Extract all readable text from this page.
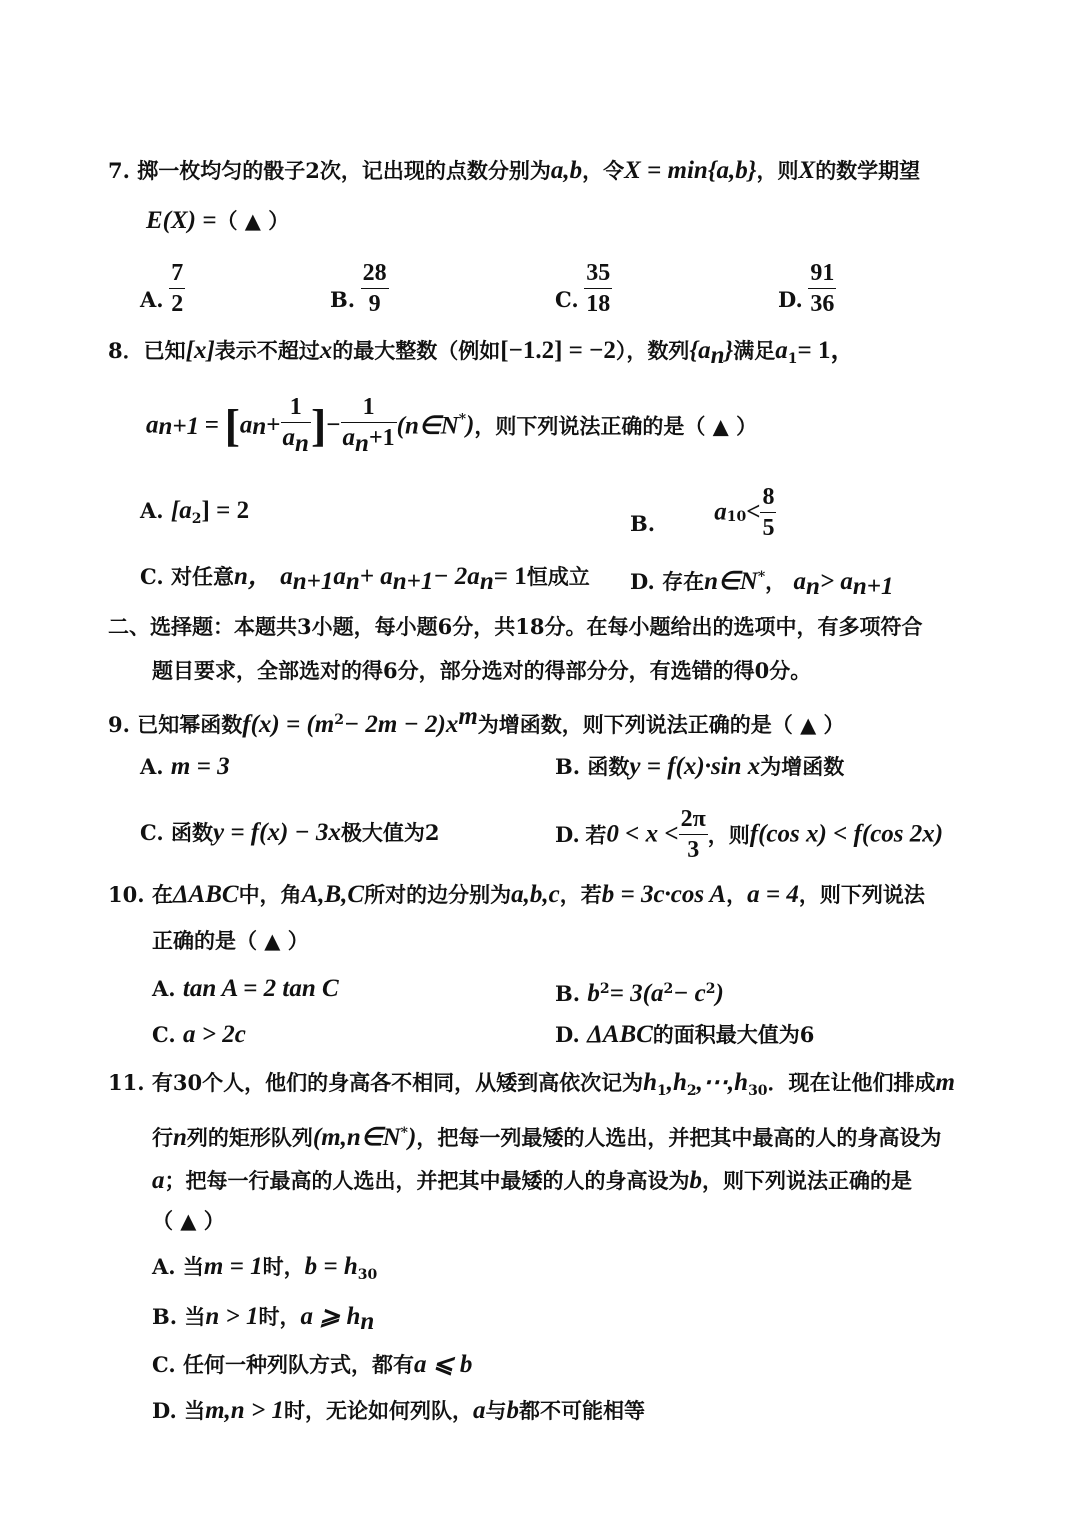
7. 掷一枚均匀的骰子2次，记出现的点数分别为a,b，令X = min{a,b}，则X的数学期望
E(X) =（ ▲ ）
A. $\frac{7}{2}$	B. $\frac{28}{9}$	C. $\frac{35}{18}$	D. $\frac{91}{36}$
8．已知[x]表示不超过x的最大整数（例如[−1.2] = −2），数列$\{a_n\}$满足$a_1= 1$，
$a_{n+1} = [a_n+ \frac{1}{a_n}$ ]− $\frac{1}{a_n+1}$ (n∈N*)，则下列说法正确的是（ ▲ ）
A. $[a_2] = 2$	B. $a_{10}< \frac{8}{5}$
C. 对任意n， $a_{n+1}a_n+ a_{n+1}- 2a_n= 1$恒成立 D. 存在n∈N*， $a_n> a_{n+1}$
二、选择题：本题共3小题，每小题6分，共18分。在每小题给出的选项中，有多项符合
题目要求，全部选对的得6分，部分选对的得部分分，有选错的得0分。
9. 已知幂函数$f(x) = (m^2- 2m - 2)x^m$为增函数，则下列说法正确的是（ ▲ ）
A. m = 3	B. 函数y = f(x)·sin x为增函数
C. 函数y = f(x) − 3x极大值为2	D. 若$0 < x < \frac{2\pi}{3}$ ，则f(cos x) < f(cos 2x)
10. 在ΔABC中，角A,B,C所对的边分别为a,b,c，若b = 3c·cos A，a = 4，则下列说法
正确的是（ ▲ ）
A. tan A = 2 tan C	B. $b^2= 3(a^2- c^2)$
C. a > 2c	D. ΔABC的面积最大值为6
11. 有30个人，他们的身高各不相同，从矮到高依次记为$h_1,h_2,\cdots,h_{30}$．现在让他们排成m
行n列的矩形队列(m,n∈N*)，把每一列最矮的人选出，并把其中最高的人的身高设为
a；把每一行最高的人选出，并把其中最矮的人的身高设为b，则下列说法正确的是
（ ▲ ）
A. 当m = 1时，$b = h_{30}$
B. 当n > 1时，a ⩾ $h_n$
C. 任何一种列队方式，都有a ⩽ b
D. 当m,n > 1时，无论如何列队，a与b都不可能相等
